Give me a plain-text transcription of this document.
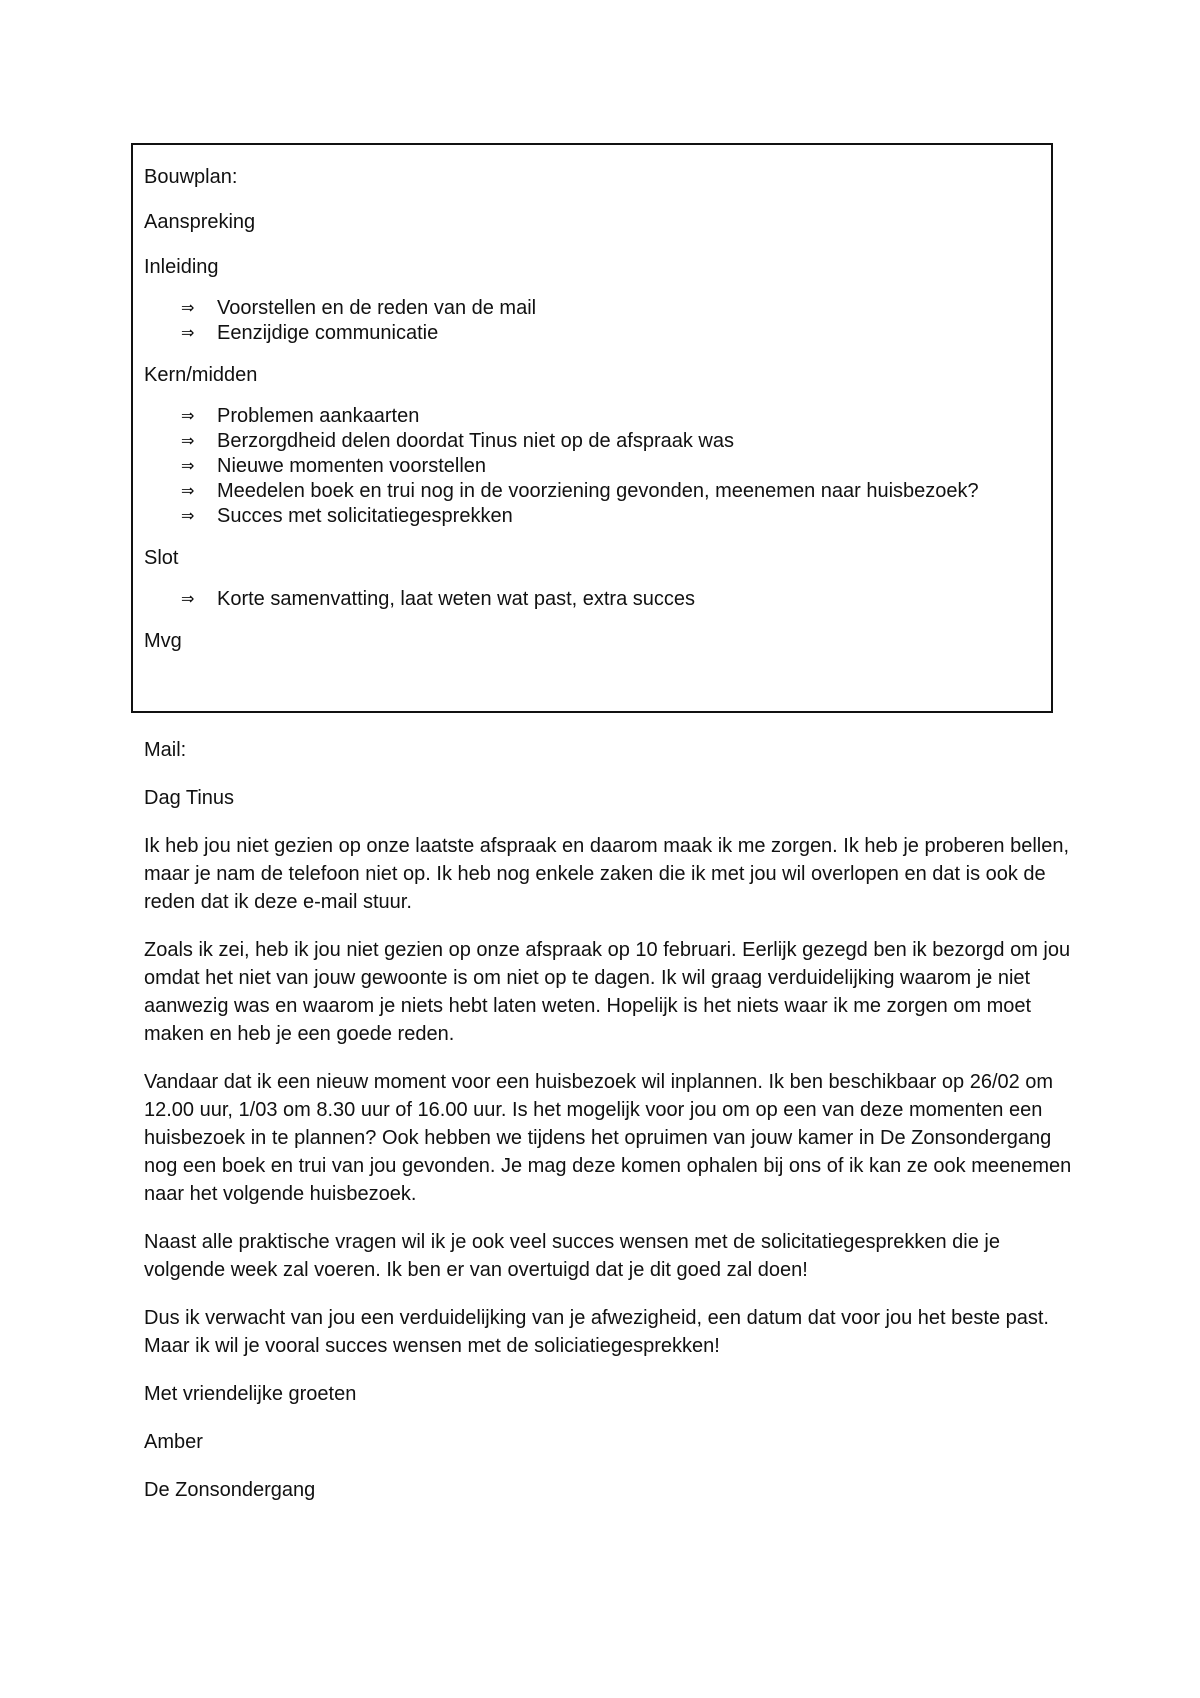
Bouwplan:
Aanspreking
Inleiding
⇒ Voorstellen en de reden van de mail
⇒ Eenzijdige communicatie
Kern/midden
⇒ Problemen aankaarten
⇒ Berzorgdheid delen doordat Tinus niet op de afspraak was
⇒ Nieuwe momenten voorstellen
⇒ Meedelen boek en trui nog in de voorziening gevonden, meenemen naar huisbezoek?
⇒ Succes met solicitatiegesprekken
Slot
⇒ Korte samenvatting, laat weten wat past, extra succes
Mvg

Mail:

Dag Tinus

Ik heb jou niet gezien op onze laatste afspraak en daarom maak ik me zorgen. Ik heb je proberen bellen, maar je nam de telefoon niet op. Ik heb nog enkele zaken die ik met jou wil overlopen en dat is ook de reden dat ik deze e-mail stuur.

Zoals ik zei, heb ik jou niet gezien op onze afspraak op 10 februari. Eerlijk gezegd ben ik bezorgd om jou omdat het niet van jouw gewoonte is om niet op te dagen. Ik wil graag verduidelijking waarom je niet aanwezig was en waarom je niets hebt laten weten. Hopelijk is het niets waar ik me zorgen om moet maken en heb je een goede reden.

Vandaar dat ik een nieuw moment voor een huisbezoek wil inplannen. Ik ben beschikbaar op 26/02 om 12.00 uur, 1/03 om 8.30 uur of 16.00 uur. Is het mogelijk voor jou om op een van deze momenten een huisbezoek in te plannen? Ook hebben we tijdens het opruimen van jouw kamer in De Zonsondergang nog een boek en trui van jou gevonden. Je mag deze komen ophalen bij ons of ik kan ze ook meenemen naar het volgende huisbezoek.

Naast alle praktische vragen wil ik je ook veel succes wensen met de solicitatiegesprekken die je volgende week zal voeren. Ik ben er van overtuigd dat je dit goed zal doen!

Dus ik verwacht van jou een verduidelijking van je afwezigheid, een datum dat voor jou het beste past. Maar ik wil je vooral succes wensen met de soliciatiegesprekken!

Met vriendelijke groeten

Amber

De Zonsondergang
